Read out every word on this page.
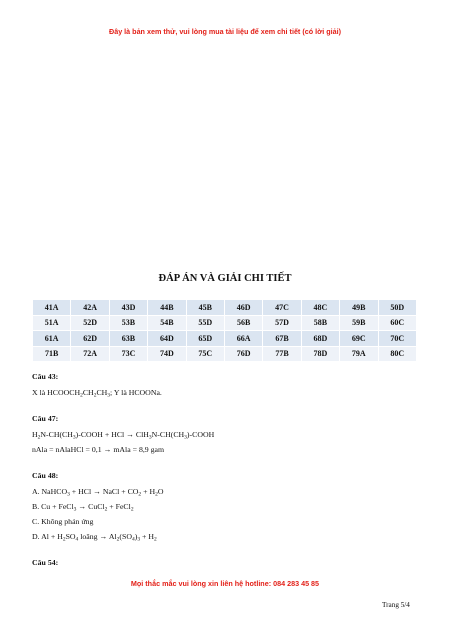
Đây là bản xem thử, vui lòng mua tài liệu để xem chi tiết (có lời giải)
ĐÁP ÁN VÀ GIẢI CHI TIẾT
41A	42A	43D	44B	45B	46D	47C	48C	49B	50D
51A	52D	53B	54B	55D	56B	57D	58B	59B	60C
61A	62D	63B	64D	65D	66A	67B	68D	69C	70C
71B	72A	73C	74D	75C	76D	77B	78D	79A	80C
Câu 43:
X là $HCOOCH_2CH_2CH_3$; Y là HCOONa.
Câu 47:
$H_2N-CH(CH_3)$-COOH + HCl → $ClH_3N-CH(CH_3)$-COOH
nAla = nAlaHCl = 0,1 → mAla = 8,9 gam
Câu 48:
A. NaHCO$_3$ + HCl → NaCl + $CO_2 + H_2O$
B. Cu + FeCl$_3$ → CuCl$_2$ + FeCl$_2$
C. Không phản ứng
D. $Al + H_2SO_4$ loãng → $Al_2(SO_4)_3 + H_2$
Câu 54:
Mọi thắc mắc vui lòng xin liên hệ hotline: 084 283 45 85
Trang 5/4
